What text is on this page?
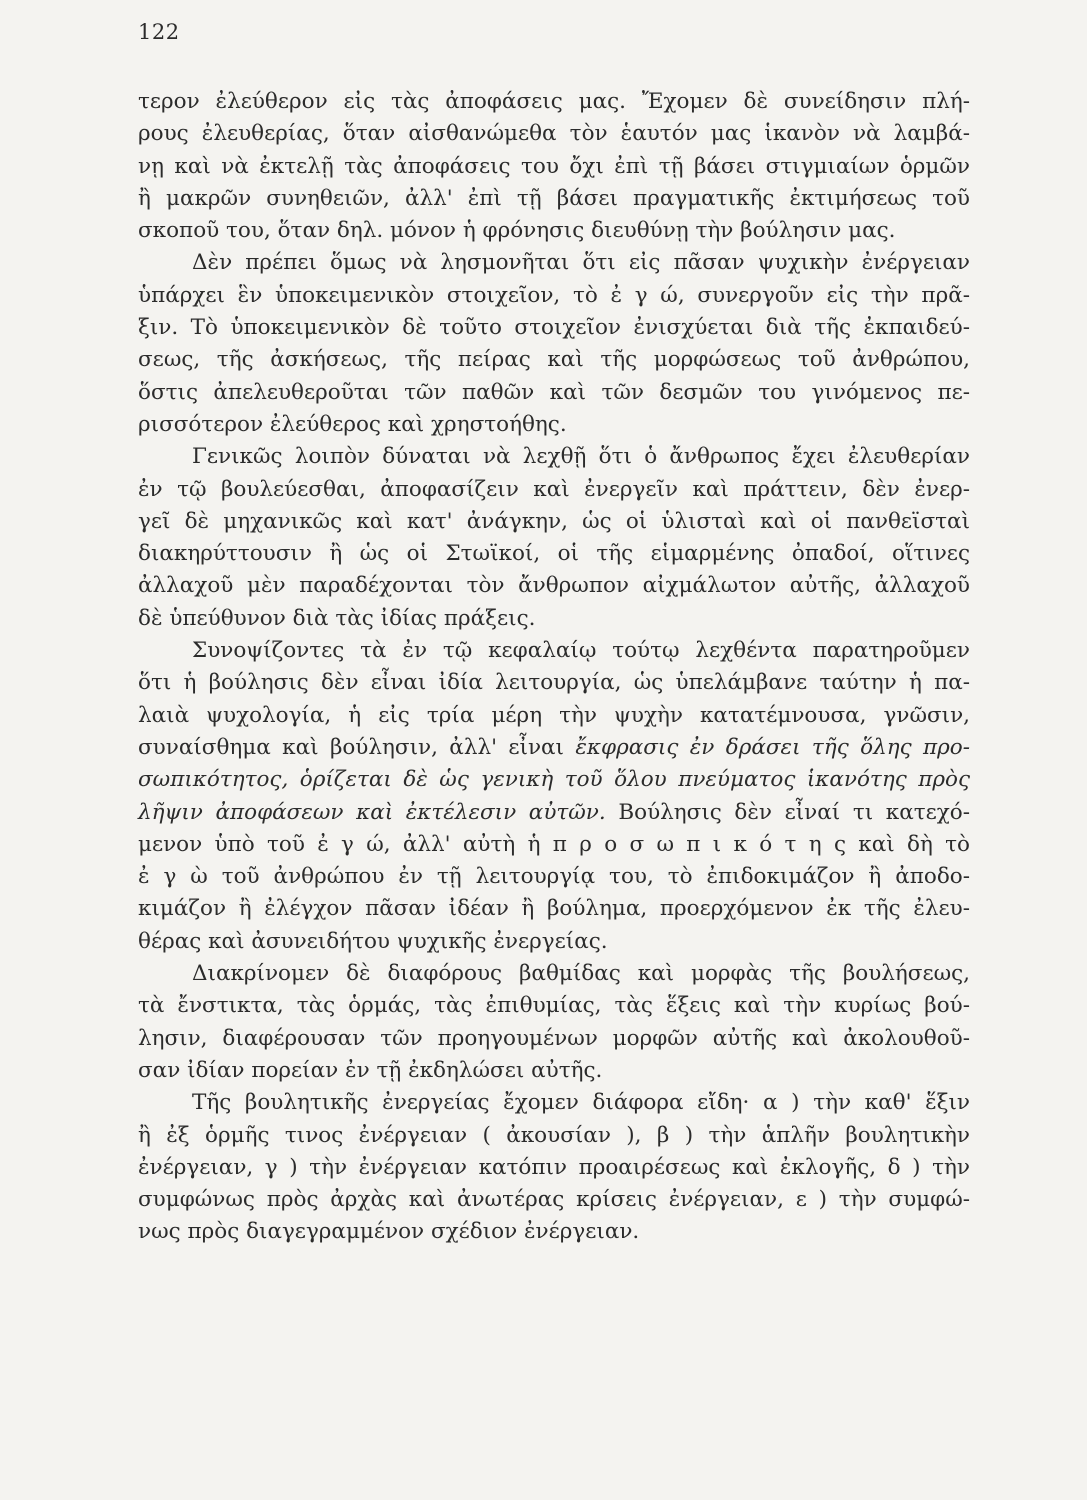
122
τερον ἐλεύθερον εἰς τὰς ἀποφάσεις μας. Ἔχομεν δὲ συνείδησιν πλή-
ρους ἐλευθερίας, ὅταν αἰσθανώμεθα τὸν ἑαυτόν μας ἱκανὸν νὰ λαμβά-
νῃ καὶ νὰ ἐκτελῇ τὰς ἀποφάσεις του ὄχι ἐπὶ τῇ βάσει στιγμιαίων ὁρμῶν
ἢ μακρῶν συνηθειῶν, ἀλλ' ἐπὶ τῇ βάσει πραγματικῆς ἐκτιμήσεως τοῦ
σκοποῦ του, ὅταν δηλ. μόνον ἡ φρόνησις διευθύνῃ τὴν βούλησιν μας.
Δὲν πρέπει ὅμως νὰ λησμονῆται ὅτι εἰς πᾶσαν ψυχικὴν ἐνέργειαν
ὑπάρχει ἓν ὑποκειμενικὸν στοιχεῖον, τὸ ἐ γ ώ, συνεργοῦν εἰς τὴν πρᾶ-
ξιν. Τὸ ὑποκειμενικὸν δὲ τοῦτο στοιχεῖον ἐνισχύεται διὰ τῆς ἐκπαιδεύ-
σεως, τῆς ἀσκήσεως, τῆς πείρας καὶ τῆς μορφώσεως τοῦ ἀνθρώπου,
ὅστις ἀπελευθεροῦται τῶν παθῶν καὶ τῶν δεσμῶν του γινόμενος πε-
ρισσότερον ἐλεύθερος καὶ χρηστοήθης.
Γενικῶς λοιπὸν δύναται νὰ λεχθῇ ὅτι ὁ ἄνθρωπος ἔχει ἐλευθερίαν
ἐν τῷ βουλεύεσθαι, ἀποφασίζειν καὶ ἐνεργεῖν καὶ πράττειν, δὲν ἐνερ-
γεῖ δὲ μηχανικῶς καὶ κατ' ἀνάγκην, ὡς οἱ ὑλισταὶ καὶ οἱ πανθεϊσταὶ
διακηρύττουσιν ἢ ὡς οἱ Στωϊκοί, οἱ τῆς εἱμαρμένης ὀπαδοί, οἵτινες
ἀλλαχοῦ μὲν παραδέχονται τὸν ἄνθρωπον αἰχμάλωτον αὐτῆς, ἀλλαχοῦ
δὲ ὑπεύθυνον διὰ τὰς ἰδίας πράξεις.
Συνοψίζοντες τὰ ἐν τῷ κεφαλαίῳ τούτῳ λεχθέντα παρατηροῦμεν
ὅτι ἡ βούλησις δὲν εἶναι ἰδία λειτουργία, ὡς ὑπελάμβανε ταύτην ἡ πα-
λαιὰ ψυχολογία, ἡ εἰς τρία μέρη τὴν ψυχὴν κατατέμνουσα, γνῶσιν,
συναίσθημα καὶ βούλησιν, ἀλλ' εἶναι ἔκφρασις ἐν δράσει τῆς ὅλης προ-
σωπικότητος, ὁρίζεται δὲ ὡς γενικὴ τοῦ ὅλου πνεύματος ἱκανότης πρὸς
λῆψιν ἀποφάσεων καὶ ἐκτέλεσιν αὐτῶν. Βούλησις δὲν εἶναί τι κατεχό-
μενον ὑπὸ τοῦ ἐ γ ώ, ἀλλ' αὐτὴ ἡ π ρ ο σ ω π ι κ ό τ η ς καὶ δὴ τὸ
ἐ γ ὼ τοῦ ἀνθρώπου ἐν τῇ λειτουργίᾳ του, τὸ ἐπιδοκιμάζον ἢ ἀποδο-
κιμάζον ἢ ἐλέγχον πᾶσαν ἰδέαν ἢ βούλημα, προερχόμενον ἐκ τῆς ἐλευ-
θέρας καὶ ἀσυνειδήτου ψυχικῆς ἐνεργείας.
Διακρίνομεν δὲ διαφόρους βαθμίδας καὶ μορφὰς τῆς βουλήσεως,
τὰ ἔνστικτα, τὰς ὁρμάς, τὰς ἐπιθυμίας, τὰς ἕξεις καὶ τὴν κυρίως βού-
λησιν, διαφέρουσαν τῶν προηγουμένων μορφῶν αὐτῆς καὶ ἀκολουθοῦ-
σαν ἰδίαν πορείαν ἐν τῇ ἐκδηλώσει αὐτῆς.
Τῆς βουλητικῆς ἐνεργείας ἔχομεν διάφορα εἴδη· α ) τὴν καθ' ἕξιν
ἢ ἐξ ὁρμῆς τινος ἐνέργειαν ( ἀκουσίαν ), β ) τὴν ἁπλῆν βουλητικὴν
ἐνέργειαν, γ ) τὴν ἐνέργειαν κατόπιν προαιρέσεως καὶ ἐκλογῆς, δ ) τὴν
συμφώνως πρὸς ἀρχὰς καὶ ἀνωτέρας κρίσεις ἐνέργειαν, ε ) τὴν συμφώ-
νως πρὸς διαγεγραμμένον σχέδιον ἐνέργειαν.
